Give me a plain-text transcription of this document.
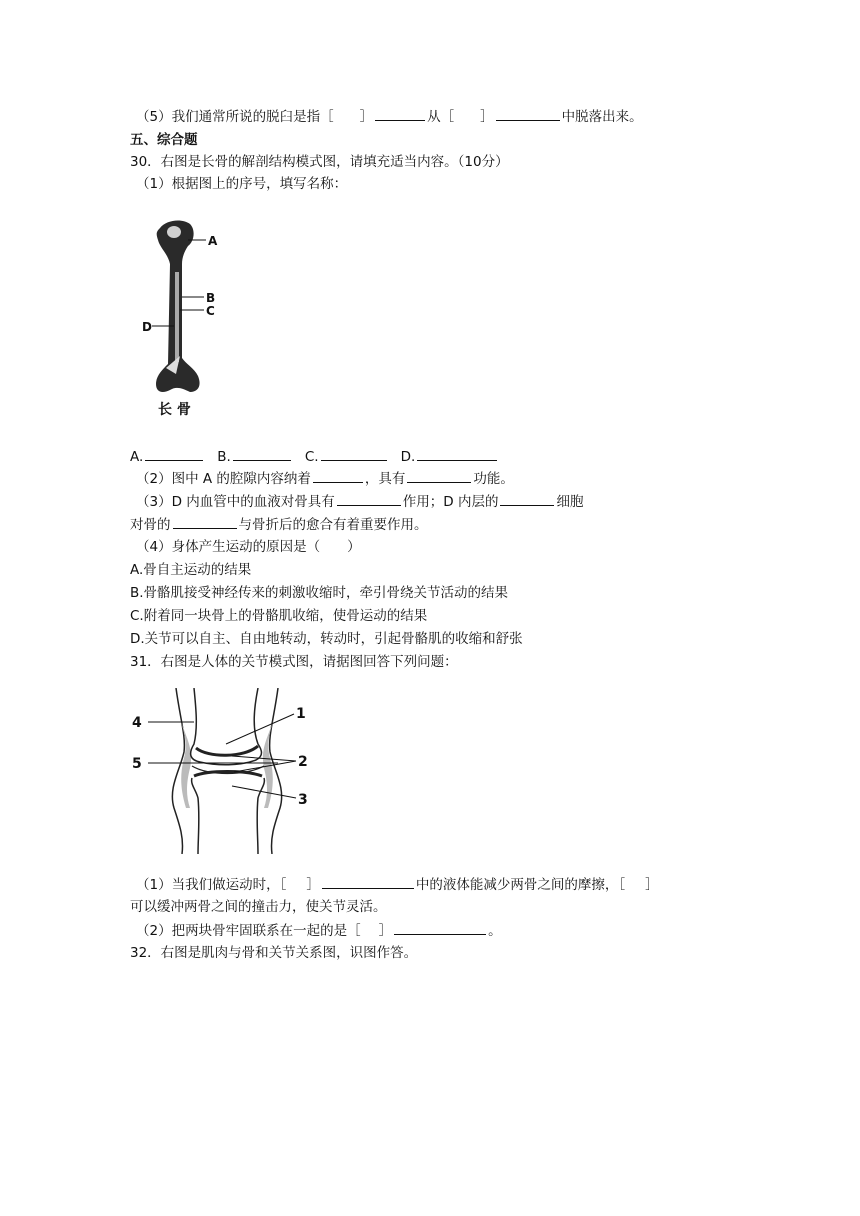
（5）我们通常所说的脱臼是指［ ］	从［ ］	中脱落出来。
五、综合题
30．右图是长骨的解剖结构模式图，请填充适当内容。（10分）
（1）根据图上的序号，填写名称：
A
B
C
D
长 骨
A.	B.	C.	D.
（2）图中 A 的腔隙内容纳着	，具有	功能。
（3）D 内血管中的血液对骨具有	作用；D 内层的	细胞
对骨的	与骨折后的愈合有着重要作用。
（4）身体产生运动的原因是（　　）
A.骨自主运动的结果
B.骨骼肌接受神经传来的刺激收缩时，牵引骨绕关节活动的结果
C.附着同一块骨上的骨骼肌收缩，使骨运动的结果
D.关节可以自主、自由地转动，转动时，引起骨骼肌的收缩和舒张
31．右图是人体的关节模式图，请据图回答下列问题：
1
2
3
4
5
（1）当我们做运动时，［ ］	中的液体能减少两骨之间的摩擦，［ ］
可以缓冲两骨之间的撞击力，使关节灵活。
（2）把两块骨牢固联系在一起的是［ ］	。
32．右图是肌肉与骨和关节关系图，识图作答。
